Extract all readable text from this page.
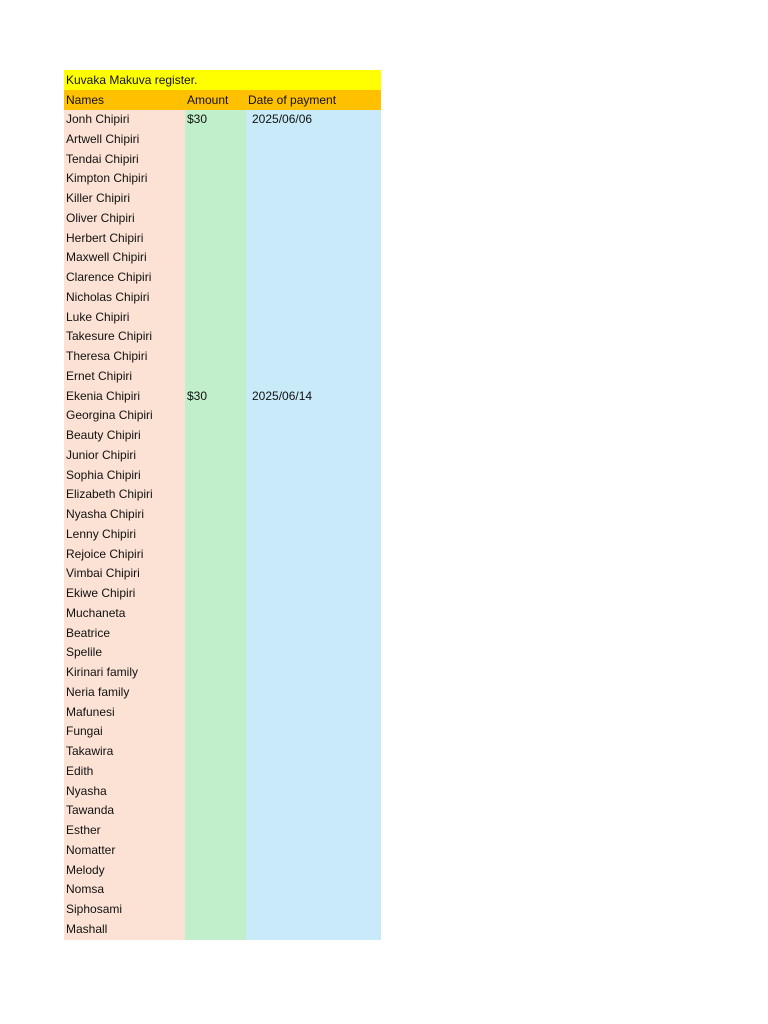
Kuvaka Makuva register.
Names	Amount	Date of payment
Jonh Chipiri	$30	2025/06/06
Artwell Chipiri
Tendai Chipiri
Kimpton Chipiri
Killer Chipiri
Oliver Chipiri
Herbert Chipiri
Maxwell Chipiri
Clarence Chipiri
Nicholas Chipiri
Luke Chipiri
Takesure Chipiri
Theresa Chipiri
Ernet Chipiri
Ekenia Chipiri	$30	2025/06/14
Georgina Chipiri
Beauty Chipiri
Junior Chipiri
Sophia Chipiri
Elizabeth Chipiri
Nyasha Chipiri
Lenny Chipiri
Rejoice Chipiri
Vimbai Chipiri
Ekiwe Chipiri
Muchaneta
Beatrice
Spelile
Kirinari family
Neria family
Mafunesi
Fungai
Takawira
Edith
Nyasha
Tawanda
Esther
Nomatter
Melody
Nomsa
Siphosami
Mashall
